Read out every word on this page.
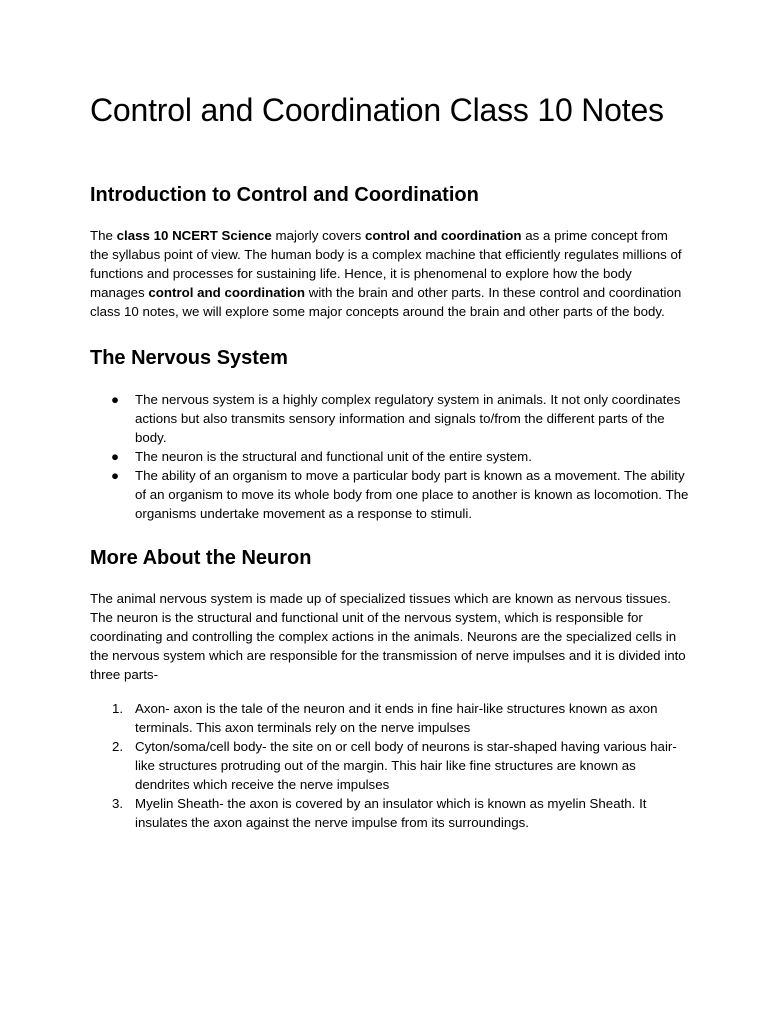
Control and Coordination Class 10 Notes
Introduction to Control and Coordination

The class 10 NCERT Science majorly covers control and coordination as a prime concept from the syllabus point of view. The human body is a complex machine that efficiently regulates millions of functions and processes for sustaining life. Hence, it is phenomenal to explore how the body manages control and coordination with the brain and other parts. In these control and coordination class 10 notes, we will explore some major concepts around the brain and other parts of the body.

The Nervous System
● The nervous system is a highly complex regulatory system in animals. It not only coordinates actions but also transmits sensory information and signals to/from the different parts of the body.
● The neuron is the structural and functional unit of the entire system.
● The ability of an organism to move a particular body part is known as a movement. The ability of an organism to move its whole body from one place to another is known as locomotion. The organisms undertake movement as a response to stimuli.
More About the Neuron

The animal nervous system is made up of specialized tissues which are known as nervous tissues. The neuron is the structural and functional unit of the nervous system, which is responsible for coordinating and controlling the complex actions in the animals. Neurons are the specialized cells in the nervous system which are responsible for the transmission of nerve impulses and it is divided into three parts-

1. Axon- axon is the tale of the neuron and it ends in fine hair-like structures known as axon terminals. This axon terminals rely on the nerve impulses
2. Cyton/soma/cell body- the site on or cell body of neurons is star-shaped having various hair-like structures protruding out of the margin. This hair like fine structures are known as dendrites which receive the nerve impulses
3. Myelin Sheath- the axon is covered by an insulator which is known as myelin Sheath. It insulates the axon against the nerve impulse from its surroundings.
